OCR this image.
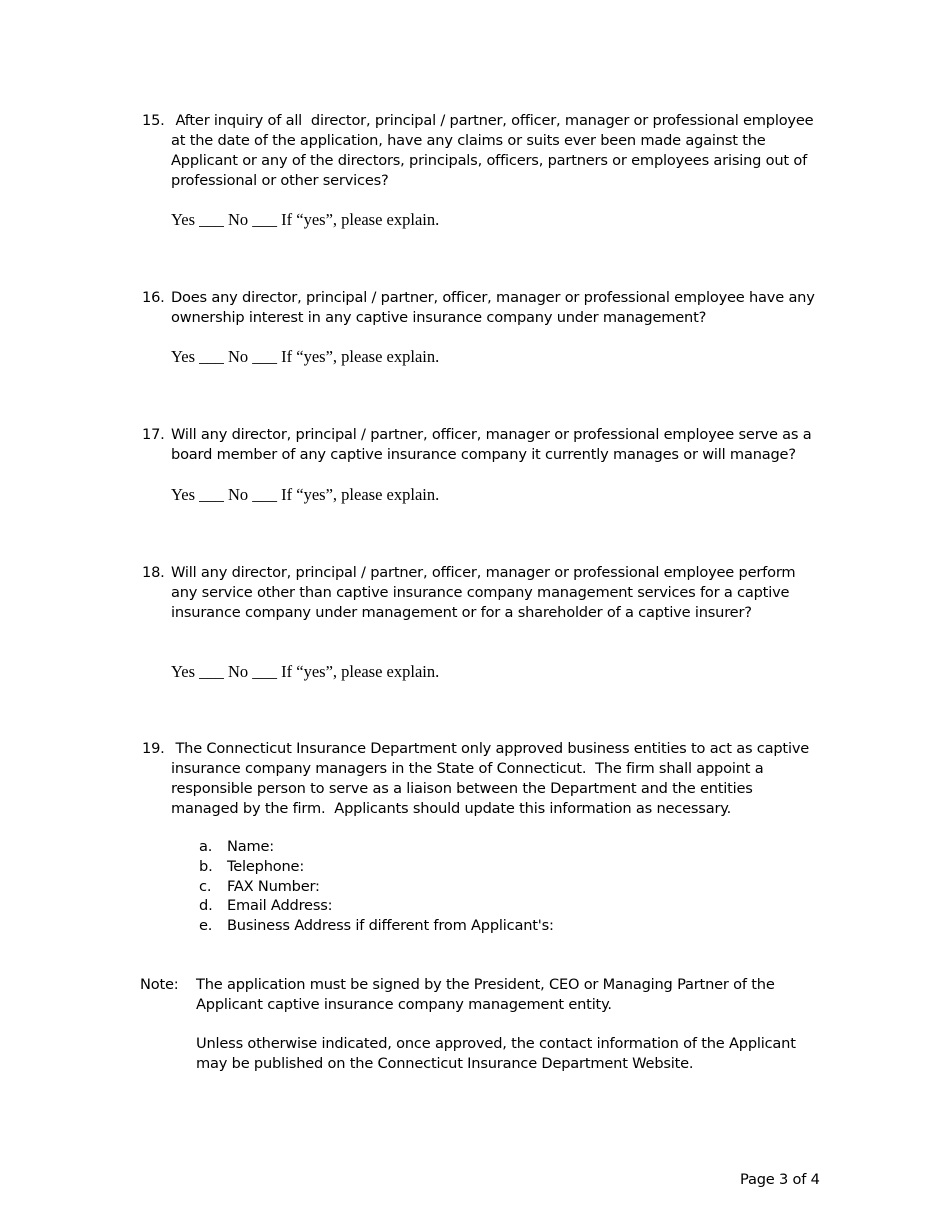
15. After inquiry of all  director, principal / partner, officer, manager or professional employee at the date of the application, have any claims or suits ever been made against the Applicant or any of the directors, principals, officers, partners or employees arising out of professional or other services?
Yes ___ No ___ If “yes”, please explain.
16. Does any director, principal / partner, officer, manager or professional employee have any ownership interest in any captive insurance company under management?
Yes ___ No ___ If “yes”, please explain.
17. Will any director, principal / partner, officer, manager or professional employee serve as a board member of any captive insurance company it currently manages or will manage?
Yes ___ No ___ If “yes”, please explain.
18. Will any director, principal / partner, officer, manager or professional employee perform any service other than captive insurance company management services for a captive insurance company under management or for a shareholder of a captive insurer?
Yes ___ No ___ If “yes”, please explain.
19. The Connecticut Insurance Department only approved business entities to act as captive insurance company managers in the State of Connecticut.  The firm shall appoint a responsible person to serve as a liaison between the Department and the entities managed by the firm.  Applicants should update this information as necessary.
a. Name:
b. Telephone:
c. FAX Number:
d. Email Address:
e. Business Address if different from Applicant's:
Note: The application must be signed by the President, CEO or Managing Partner of the Applicant captive insurance company management entity.
Unless otherwise indicated, once approved, the contact information of the Applicant may be published on the Connecticut Insurance Department Website.
Page 3 of 4
